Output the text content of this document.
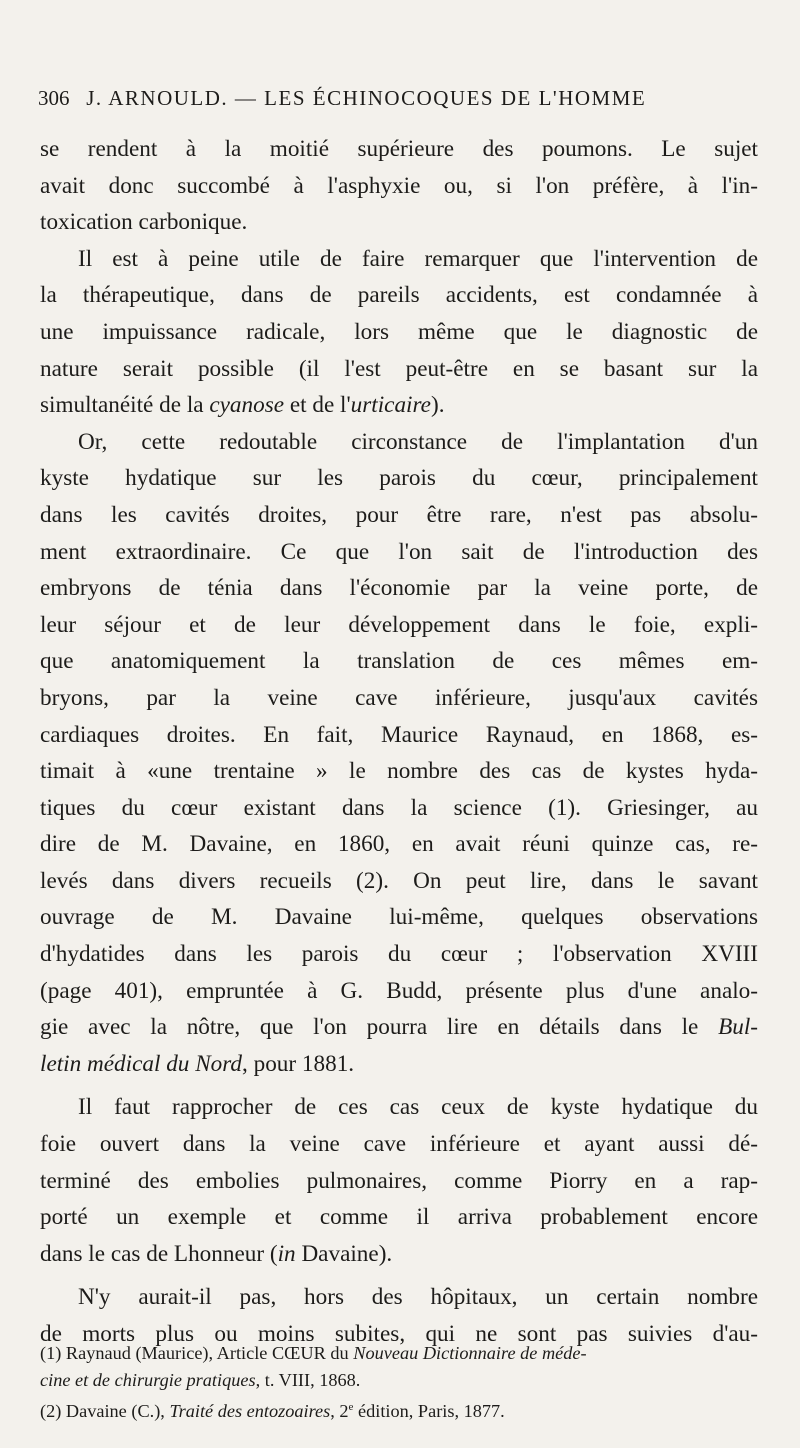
306 J. ARNOULD. — LES ÉCHINOCOQUES DE L'HOMME
se rendent à la moitié supérieure des poumons. Le sujet
avait donc succombé à l'asphyxie ou, si l'on préfère, à l'in-
toxication carbonique.
Il est à peine utile de faire remarquer que l'intervention de
la thérapeutique, dans de pareils accidents, est condamnée à
une impuissance radicale, lors même que le diagnostic de
nature serait possible (il l'est peut-être en se basant sur la
simultanéité de la cyanose et de l'urticaire).
Or, cette redoutable circonstance de l'implantation d'un
kyste hydatique sur les parois du cœur, principalement
dans les cavités droites, pour être rare, n'est pas absolu-
ment extraordinaire. Ce que l'on sait de l'introduction des
embryons de ténia dans l'économie par la veine porte, de
leur séjour et de leur développement dans le foie, expli-
que anatomiquement la translation de ces mêmes em-
bryons, par la veine cave inférieure, jusqu'aux cavités
cardiaques droites. En fait, Maurice Raynaud, en 1868, es-
timait à «une trentaine » le nombre des cas de kystes hyda-
tiques du cœur existant dans la science (1). Griesinger, au
dire de M. Davaine, en 1860, en avait réuni quinze cas, re-
levés dans divers recueils (2). On peut lire, dans le savant
ouvrage de M. Davaine lui-même, quelques observations
d'hydatides dans les parois du cœur ; l'observation XVIII
(page 401), empruntée à G. Budd, présente plus d'une analo-
gie avec la nôtre, que l'on pourra lire en détails dans le Bul-
letin médical du Nord, pour 1881.
Il faut rapprocher de ces cas ceux de kyste hydatique du
foie ouvert dans la veine cave inférieure et ayant aussi dé-
terminé des embolies pulmonaires, comme Piorry en a rap-
porté un exemple et comme il arriva probablement encore
dans le cas de Lhonneur (in Davaine).
N'y aurait-il pas, hors des hôpitaux, un certain nombre
de morts plus ou moins subites, qui ne sont pas suivies d'au-
(1) Raynaud (Maurice), Article CŒUR du Nouveau Dictionnaire de méde-
cine et de chirurgie pratiques, t. VIII, 1868.
(2) Davaine (C.), Traité des entozoaires, 2e édition, Paris, 1877.
